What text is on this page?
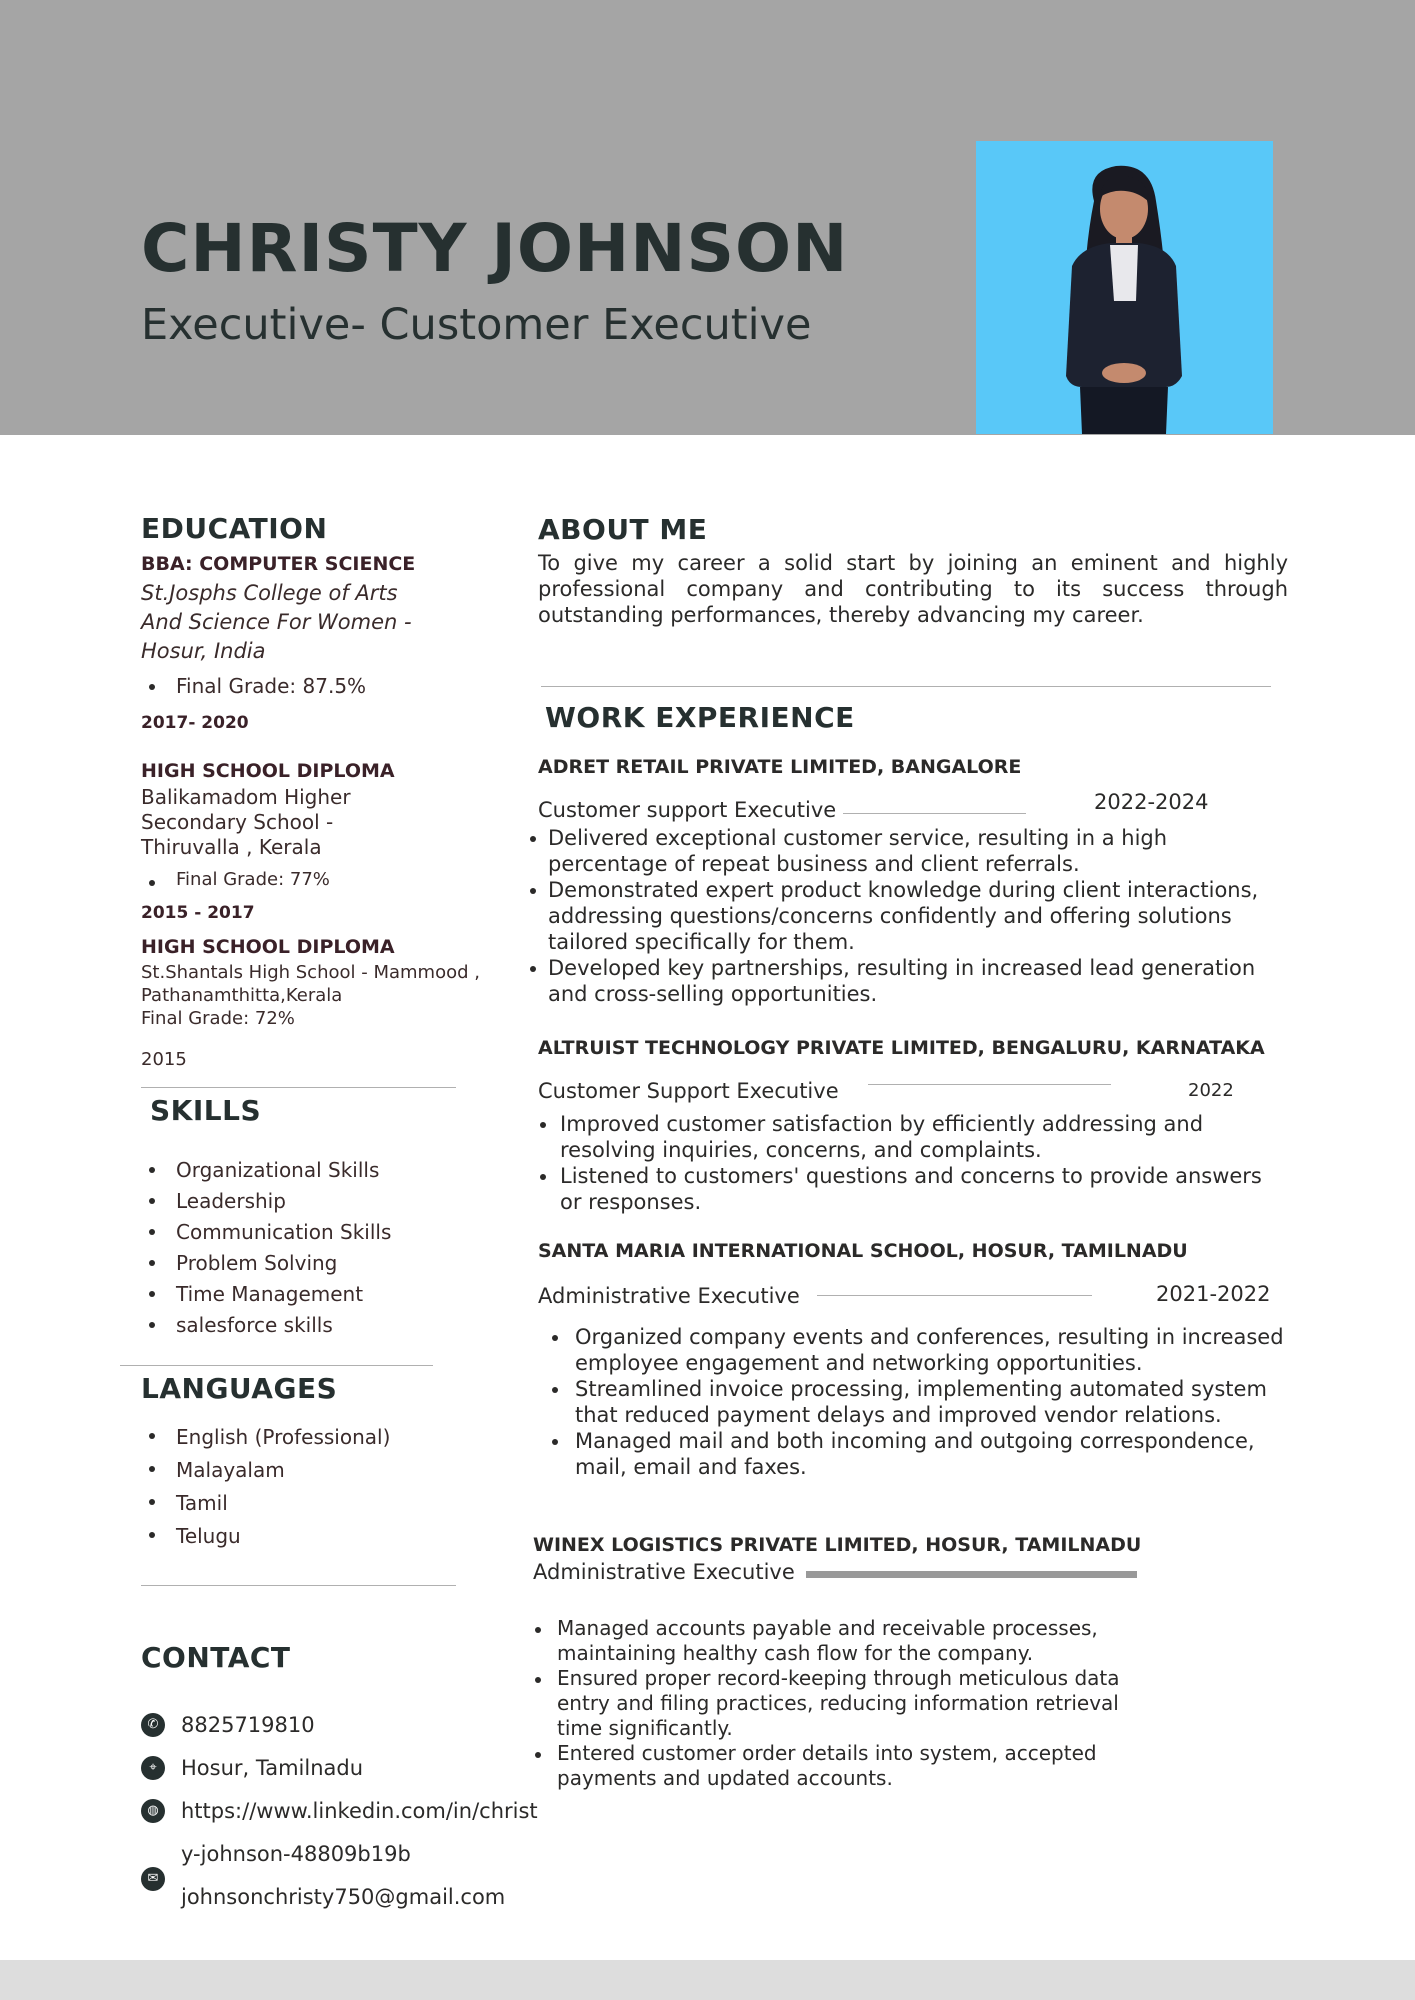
CHRISTY JOHNSON
Executive- Customer Executive
EDUCATION
BBA: COMPUTER SCIENCE
St.Josphs College of Arts
And Science For Women -
Hosur, India
Final Grade: 87.5%
2017- 2020
HIGH SCHOOL DIPLOMA
Balikamadom Higher
Secondary School -
Thiruvalla , Kerala
Final Grade: 77%
2015 - 2017
HIGH SCHOOL DIPLOMA
St.Shantals High School - Mammood ,
Pathanamthitta,Kerala
Final Grade: 72%
2015
SKILLS
Organizational Skills
Leadership
Communication Skills
Problem Solving
Time Management
salesforce skills
LANGUAGES
English (Professional)
Malayalam
Tamil
Telugu
CONTACT
✆	8825719810
⌖	Hosur, Tamilnadu
◍	https://www.linkedin.com/in/christ
y-johnson-48809b19b
✉
johnsonchristy750@gmail.com
ABOUT ME
To give my career a solid start by joining an eminent and highly professional company and contributing to its success through outstanding performances, thereby advancing my career.
WORK EXPERIENCE
ADRET RETAIL PRIVATE LIMITED, BANGALORE
Customer support Executive	2022-2024
Delivered exceptional customer service, resulting in a high percentage of repeat business and client referrals.
Demonstrated expert product knowledge during client interactions, addressing questions/concerns confidently and offering solutions tailored specifically for them.
Developed key partnerships, resulting in increased lead generation and cross-selling opportunities.
ALTRUIST TECHNOLOGY PRIVATE LIMITED, BENGALURU, KARNATAKA
Customer Support Executive	2022
Improved customer satisfaction by efficiently addressing and resolving inquiries, concerns, and complaints.
Listened to customers' questions and concerns to provide answers or responses.
SANTA MARIA INTERNATIONAL SCHOOL, HOSUR, TAMILNADU
Administrative Executive	2021-2022
Organized company events and conferences, resulting in increased employee engagement and networking opportunities.
Streamlined invoice processing, implementing automated system that reduced payment delays and improved vendor relations.
Managed mail and both incoming and outgoing correspondence, mail, email and faxes.
WINEX LOGISTICS PRIVATE LIMITED, HOSUR, TAMILNADU
Administrative Executive
Managed accounts payable and receivable processes, maintaining healthy cash flow for the company.
Ensured proper record-keeping through meticulous data entry and filing practices, reducing information retrieval time significantly.
Entered customer order details into system, accepted payments and updated accounts.
